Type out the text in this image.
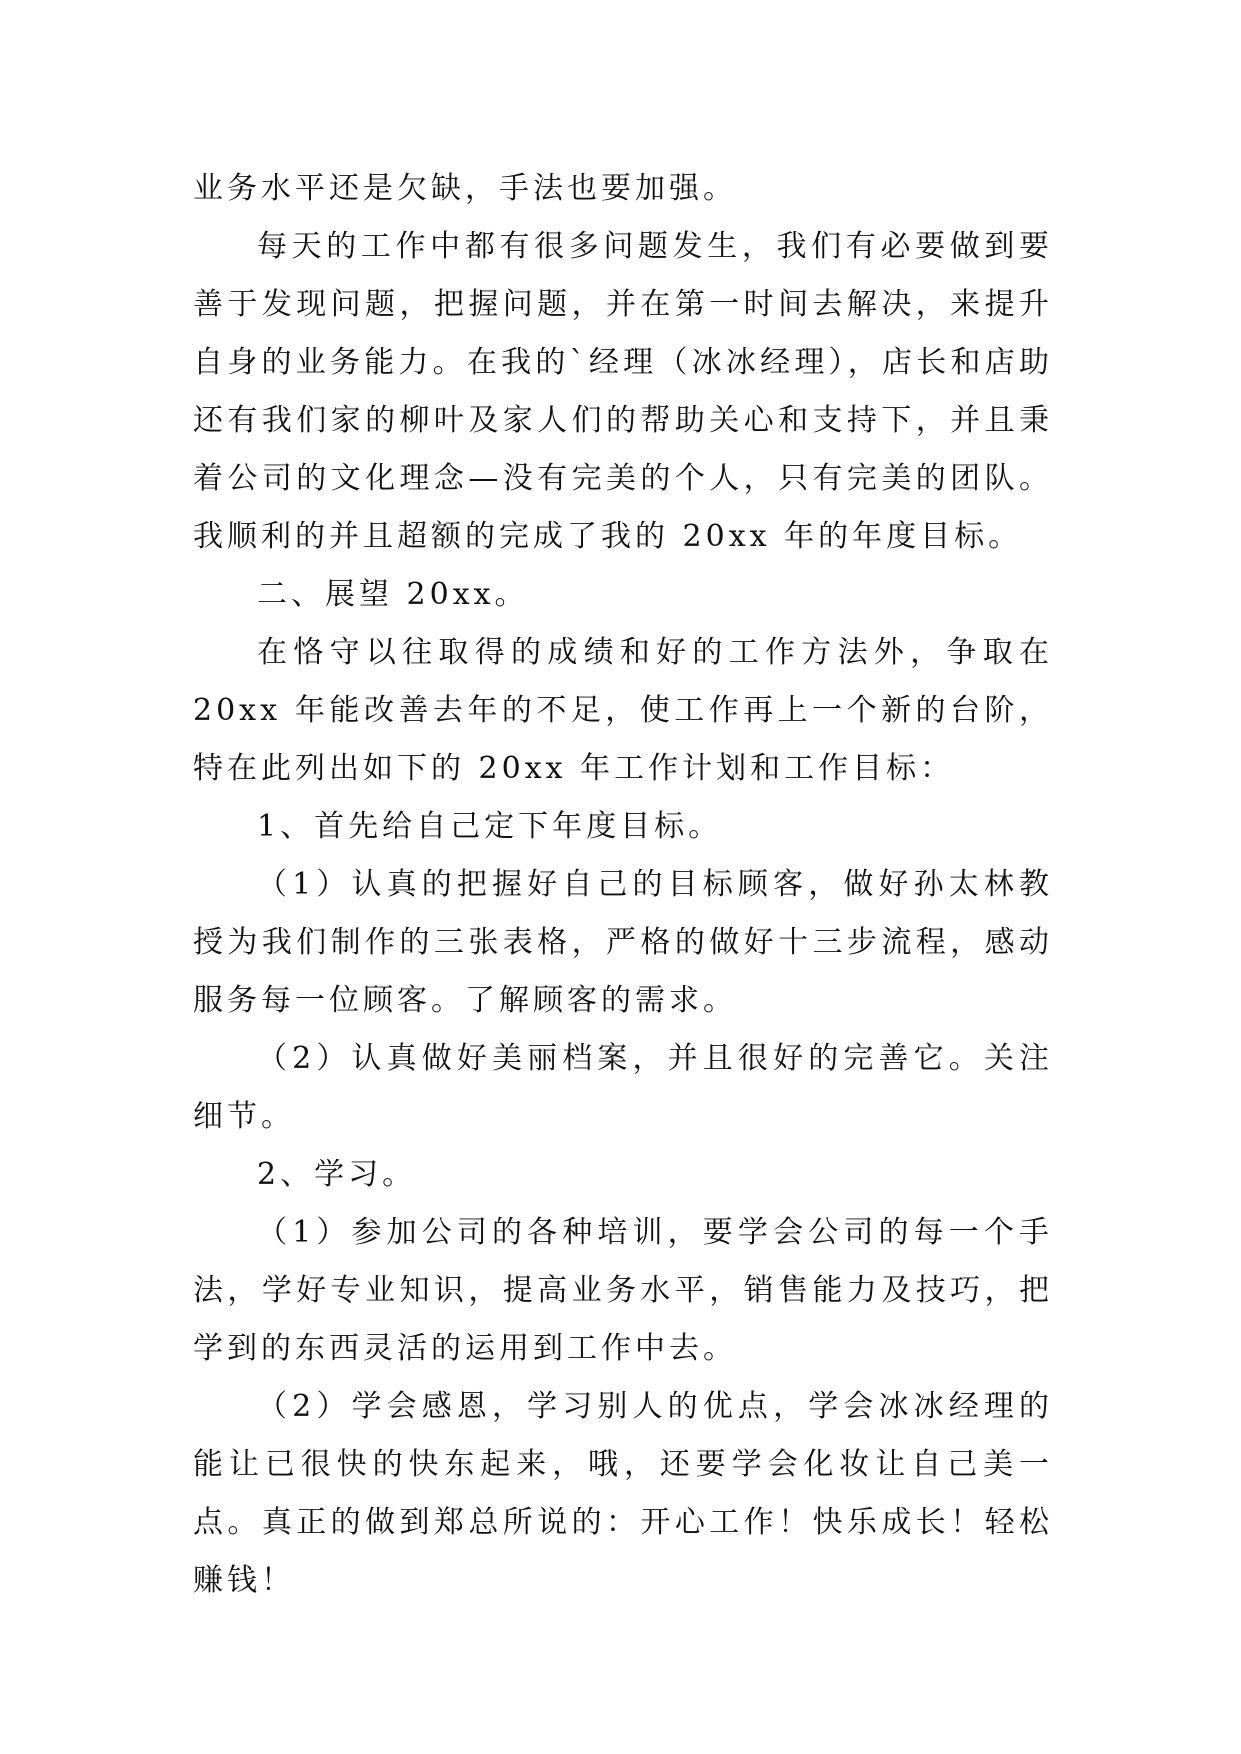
业务水平还是欠缺，手法也要加强。

每天的工作中都有很多问题发生，我们有必要做到要善于发现问题，把握问题，并在第一时间去解决，来提升自身的业务能力。在我的`经理（冰冰经理），店长和店助还有我们家的柳叶及家人们的帮助关心和支持下，并且秉着公司的文化理念—没有完美的个人，只有完美的团队。我顺利的并且超额的完成了我的 20xx 年的年度目标。

二、展望 20xx。

在恪守以往取得的成绩和好的工作方法外，争取在 20xx 年能改善去年的不足，使工作再上一个新的台阶，特在此列出如下的 20xx 年工作计划和工作目标：

1、首先给自己定下年度目标。

（1）认真的把握好自己的目标顾客，做好孙太林教授为我们制作的三张表格，严格的做好十三步流程，感动服务每一位顾客。了解顾客的需求。

（2）认真做好美丽档案，并且很好的完善它。关注细节。

2、学习。

（1）参加公司的各种培训，要学会公司的每一个手法，学好专业知识，提高业务水平，销售能力及技巧，把学到的东西灵活的运用到工作中去。

（2）学会感恩，学习别人的优点，学会冰冰经理的能让已很快的快东起来，哦，还要学会化妆让自己美一点。真正的做到郑总所说的：开心工作！快乐成长！轻松赚钱！
